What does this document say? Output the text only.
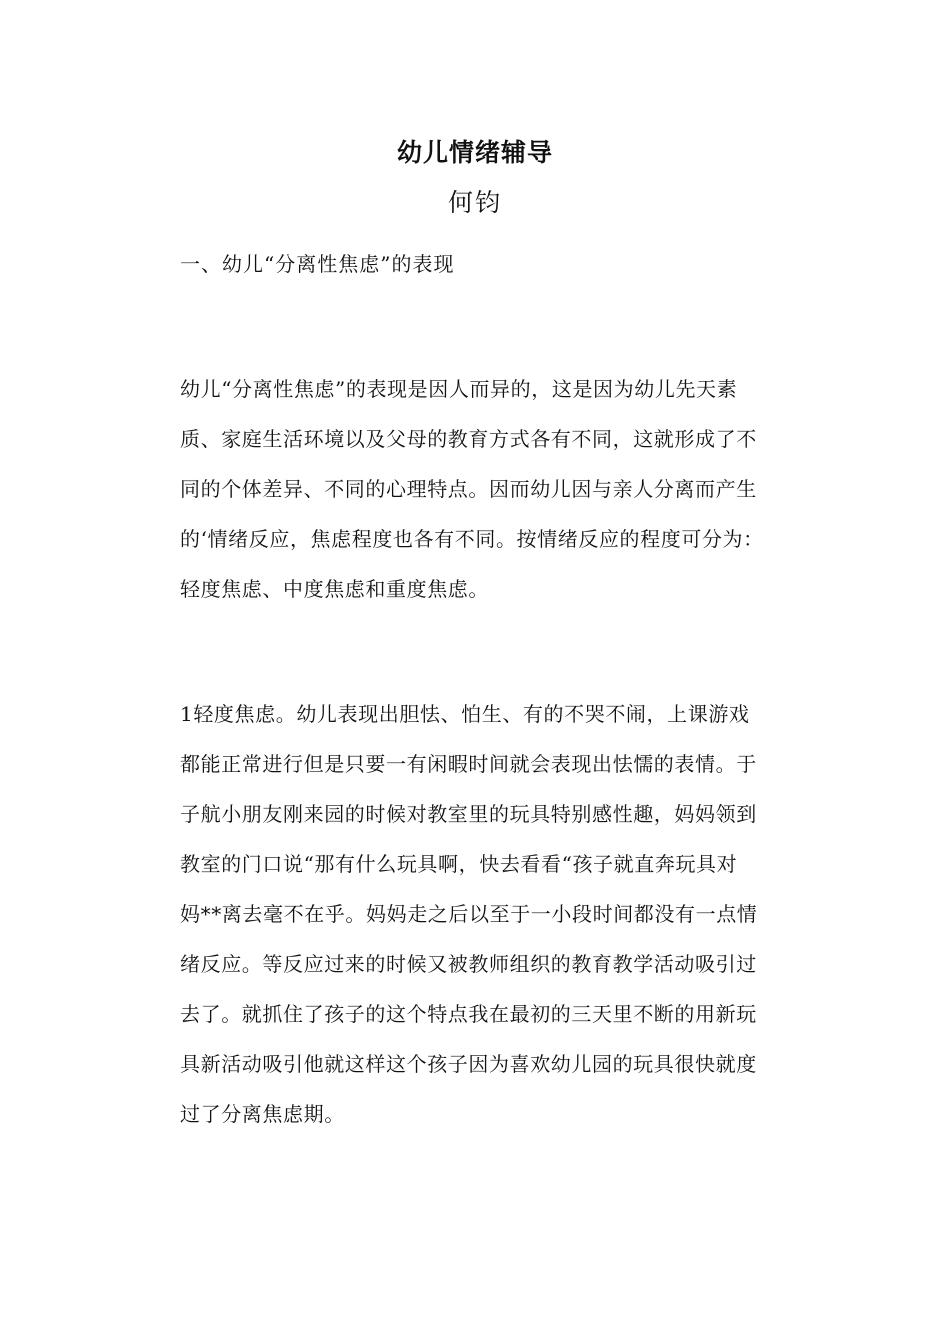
幼儿情绪辅导
何钧
一、幼儿“分离性焦虑”的表现
幼儿“分离性焦虑”的表现是因人而异的，这是因为幼儿先天素
质、家庭生活环境以及父母的教育方式各有不同，这就形成了不
同的个体差异、不同的心理特点。因而幼儿因与亲人分离而产生
的‘情绪反应，焦虑程度也各有不同。按情绪反应的程度可分为：
轻度焦虑、中度焦虑和重度焦虑。
1轻度焦虑。幼儿表现出胆怯、怕生、有的不哭不闹，上课游戏
都能正常进行但是只要一有闲暇时间就会表现出怯懦的表情。于
子航小朋友刚来园的时候对教室里的玩具特别感性趣，妈妈领到
教室的门口说“那有什么玩具啊，快去看看“孩子就直奔玩具对
妈**离去毫不在乎。妈妈走之后以至于一小段时间都没有一点情
绪反应。等反应过来的时候又被教师组织的教育教学活动吸引过
去了。就抓住了孩子的这个特点我在最初的三天里不断的用新玩
具新活动吸引他就这样这个孩子因为喜欢幼儿园的玩具很快就度
过了分离焦虑期。
